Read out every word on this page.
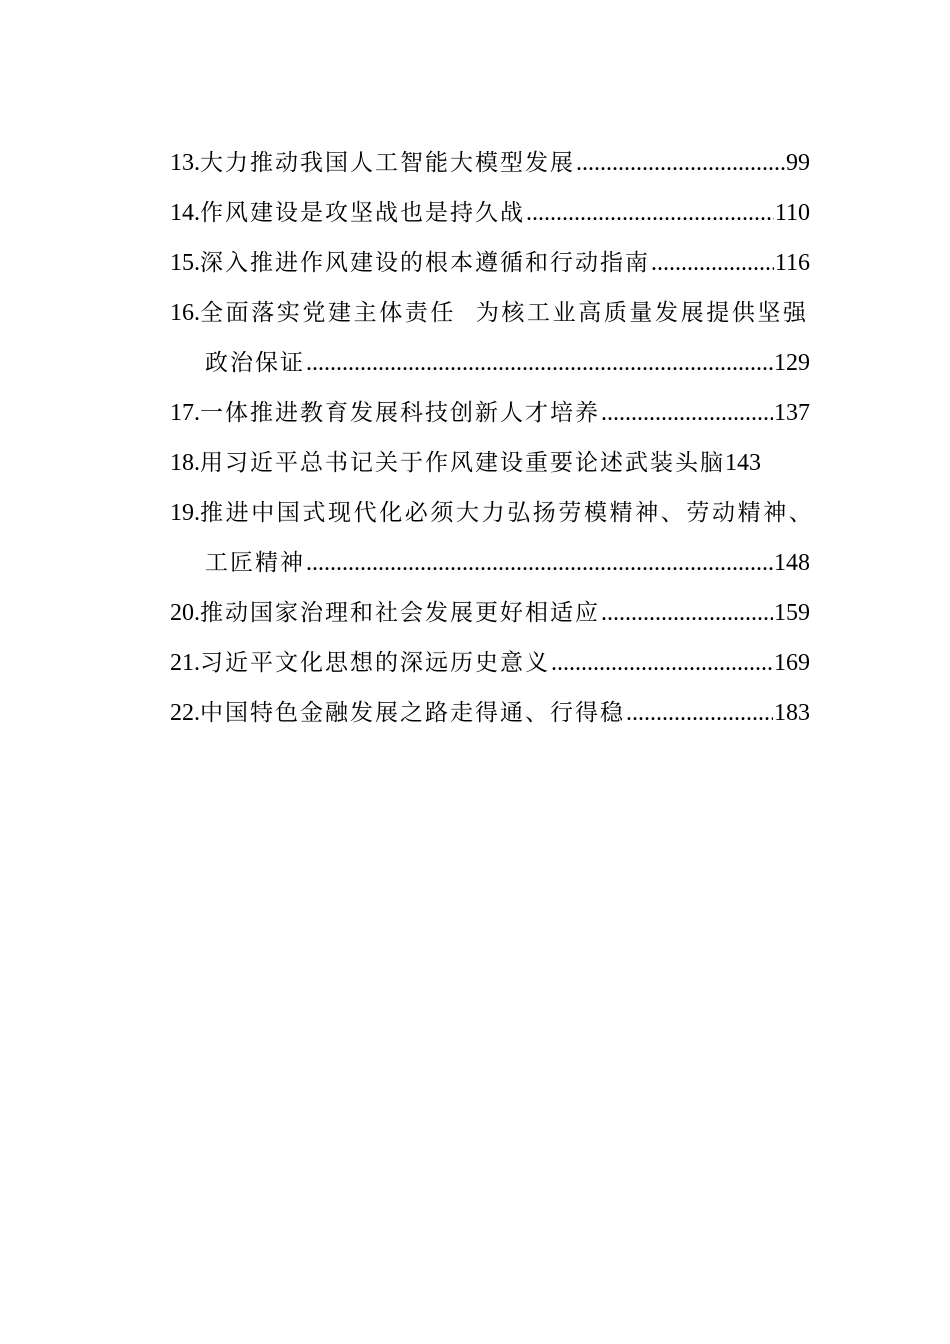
13. 大力推动我国人工智能大模型发展 .....	99
14. 作风建设是攻坚战也是持久战 .....	110
15. 深入推进作风建设的根本遵循和行动指南 .....	116
16. 全面落实党建主体责任  为核工业高质量发展提供坚强
政治保证 .....	129
17. 一体推进教育发展科技创新人才培养 .....	137
18. 用习近平总书记关于作风建设重要论述武装头脑 143
19. 推进中国式现代化必须大力弘扬劳模精神、劳动精神、
工匠精神 .....	148
20. 推动国家治理和社会发展更好相适应 .....	159
21. 习近平文化思想的深远历史意义 .....	169
22. 中国特色金融发展之路走得通、行得稳 .....	183
